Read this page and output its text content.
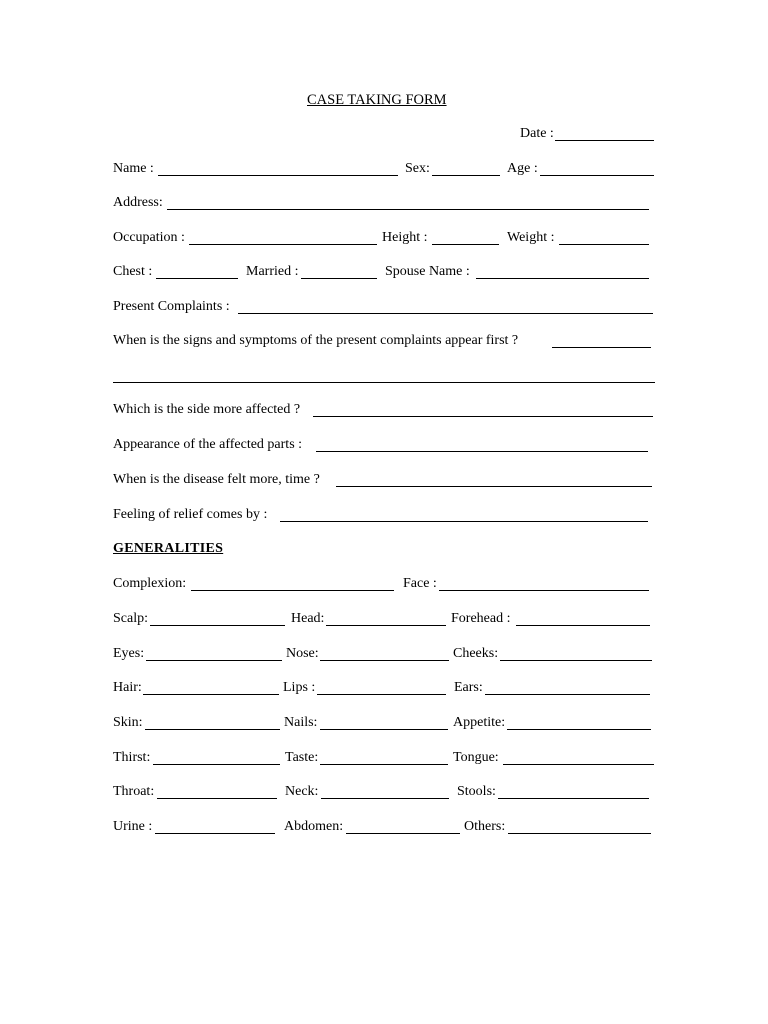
CASE TAKING FORM
Date :
Name :	Sex:	Age :
Address:
Occupation :	Height :	Weight :
Chest :	Married :	Spouse Name :
Present Complaints :
When is the signs and symptoms of the present complaints appear first ?
Which is the side more affected ?
Appearance of the affected parts :
When is the disease felt more, time ?
Feeling of relief comes by :
GENERALITIES
Complexion:	Face :
Scalp:	Head:	Forehead :
Eyes:	Nose:	Cheeks:
Hair:	Lips :	Ears:
Skin:	Nails:	Appetite:
Thirst:	Taste:	Tongue:
Throat:	Neck:	Stools:
Urine :	Abdomen:	Others:
